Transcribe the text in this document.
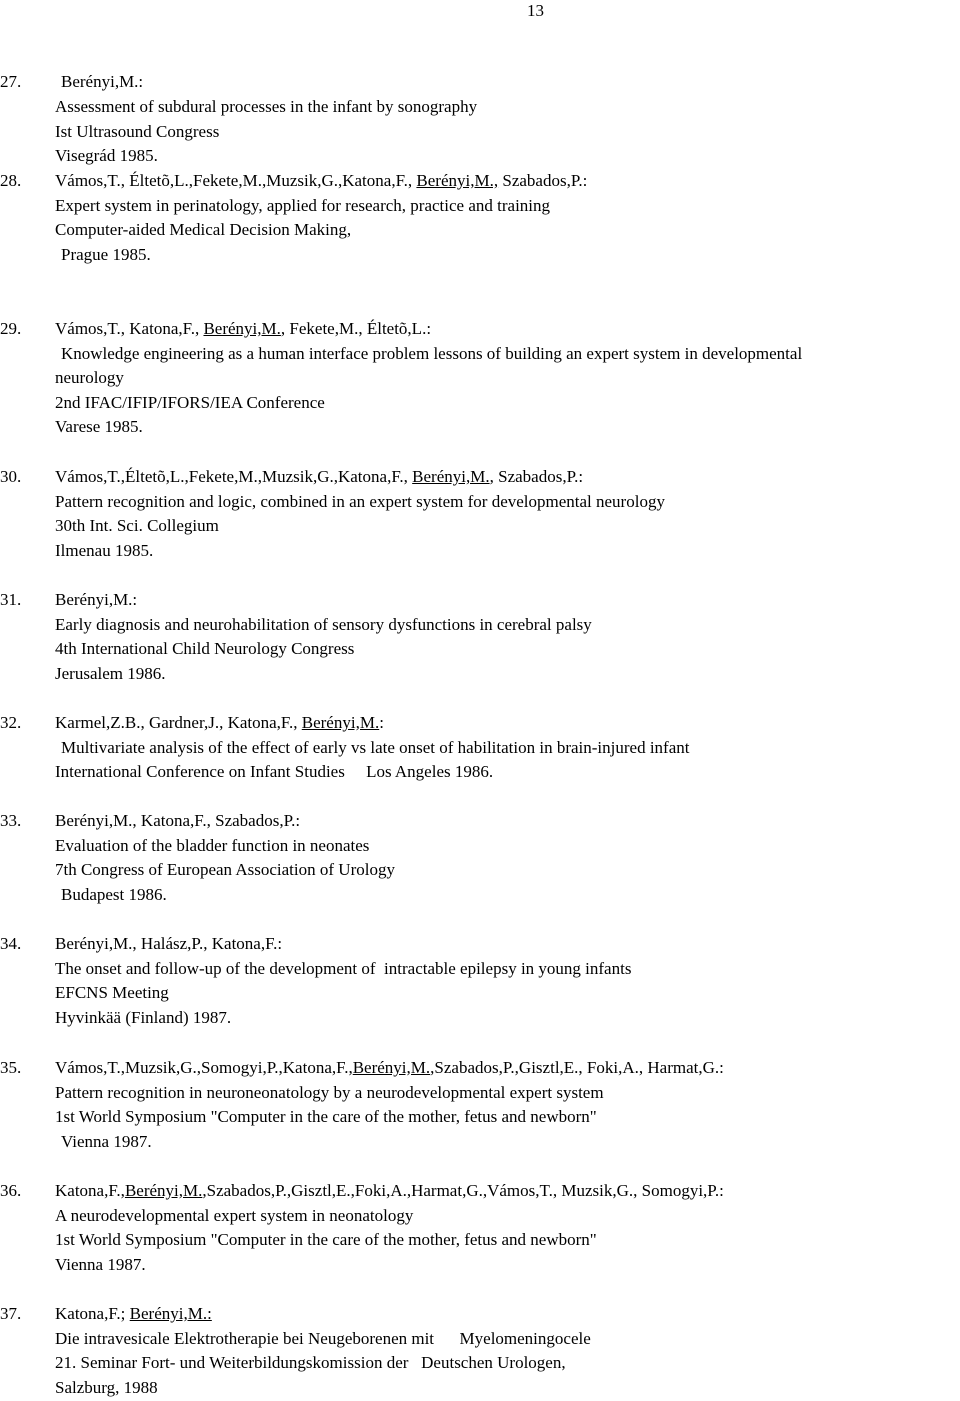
13
27. Berényi,M.:
Assessment of subdural processes in the infant by sonography
Ist Ultrasound Congress
Visegrád 1985.
28. Vámos,T., Éltetõ,L.,Fekete,M.,Muzsik,G.,Katona,F., Berényi,M., Szabados,P.:
Expert system in perinatology, applied for research, practice and training
Computer-aided Medical Decision Making,
Prague 1985.
29. Vámos,T., Katona,F., Berényi,M., Fekete,M., Éltetõ,L.:
Knowledge engineering as a human interface problem lessons of building an expert system in developmental
neurology
2nd IFAC/IFIP/IFORS/IEA Conference
Varese 1985.
30. Vámos,T.,Éltetõ,L.,Fekete,M.,Muzsik,G.,Katona,F., Berényi,M., Szabados,P.:
Pattern recognition and logic, combined in an expert system for developmental neurology
30th Int. Sci. Collegium
Ilmenau 1985.
31. Berényi,M.:
Early diagnosis and neurohabilitation of sensory dysfunctions in cerebral palsy
4th International Child Neurology Congress
Jerusalem 1986.
32. Karmel,Z.B., Gardner,J., Katona,F., Berényi,M.:
Multivariate analysis of the effect of early vs late onset of habilitation in brain-injured infant
International Conference on Infant Studies     Los Angeles 1986.
33. Berényi,M., Katona,F., Szabados,P.:
Evaluation of the bladder function in neonates
7th Congress of European Association of Urology
Budapest 1986.
34. Berényi,M., Halász,P., Katona,F.:
The onset and follow-up of the development of  intractable epilepsy in young infants
EFCNS Meeting
Hyvinkää (Finland) 1987.
35. Vámos,T.,Muzsik,G.,Somogyi,P.,Katona,F.,Berényi,M.,Szabados,P.,Gisztl,E., Foki,A., Harmat,G.:
Pattern recognition in neuroneonatology by a neurodevelopmental expert system
1st World Symposium "Computer in the care of the mother, fetus and newborn"
Vienna 1987.
36. Katona,F.,Berényi,M.,Szabados,P.,Gisztl,E.,Foki,A.,Harmat,G.,Vámos,T., Muzsik,G., Somogyi,P.:
A neurodevelopmental expert system in neonatology
1st World Symposium "Computer in the care of the mother, fetus and newborn"
Vienna 1987.
37. Katona,F.; Berényi,M.:
Die intravesicale Elektrotherapie bei Neugeborenen mit      Myelomeningocele
21. Seminar Fort- und Weiterbildungskomission der   Deutschen Urologen,
Salzburg, 1988
